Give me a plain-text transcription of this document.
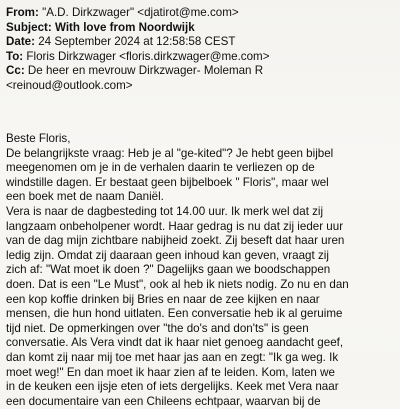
From: "A.D. Dirkzwager" <djatirot@me.com>
Subject: With love from Noordwijk
Date: 24 September 2024 at 12:58:58 CEST
To: Floris Dirkzwager <floris.dirkzwager@me.com>
Cc: De heer en mevrouw Dirkzwager- Moleman R
<reinoud@outlook.com>
Beste Floris,
De belangrijkste vraag: Heb je al "ge-kited"? Je hebt geen bijbel
meegenomen om je in de verhalen daarin te verliezen op de
windstille dagen. Er bestaat geen bijbelboek " Floris", maar wel
een boek met de naam Daniël.
Vera is naar de dagbesteding tot 14.00 uur. Ik merk wel dat zij
langzaam onbeholpener wordt. Haar gedrag is nu dat zij ieder uur
van de dag mijn zichtbare nabijheid zoekt. Zij beseft dat haar uren
ledig zijn. Omdat zij daaraan geen inhoud kan geven, vraagt zij
zich af: "Wat moet ik doen ?" Dagelijks gaan we boodschappen
doen. Dat is een "Le Must", ook al heb ik niets nodig. Zo nu en dan
een kop koffie drinken bij Bries en naar de zee kijken en naar
mensen, die hun hond uitlaten. Een conversatie heb ik al geruime
tijd niet. De opmerkingen over "the do's and don'ts" is geen
conversatie. Als Vera vindt dat ik haar niet genoeg aandacht geef,
dan komt zij naar mij toe met haar jas aan en zegt: "Ik ga weg. Ik
moet weg!" En dan moet ik haar zien af te leiden. Kom, laten we
in de keuken een ijsje eten of iets dergelijks. Keek met Vera naar
een documentaire van een Chileens echtpaar, waarvan bij de
